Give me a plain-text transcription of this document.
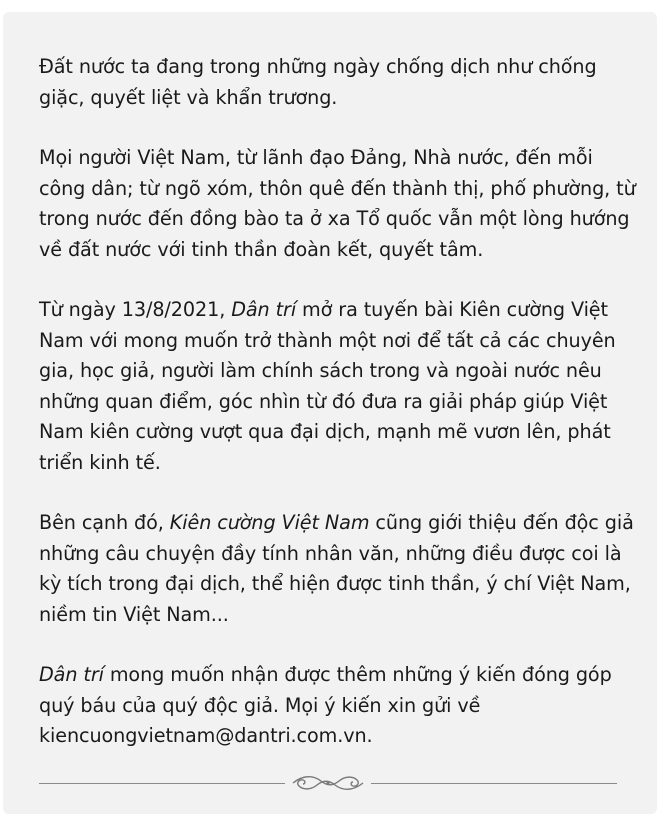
Đất nước ta đang trong những ngày chống dịch như chống giặc, quyết liệt và khẩn trương.

Mọi người Việt Nam, từ lãnh đạo Đảng, Nhà nước, đến mỗi công dân; từ ngõ xóm, thôn quê đến thành thị, phố phường, từ trong nước đến đồng bào ta ở xa Tổ quốc vẫn một lòng hướng về đất nước với tinh thần đoàn kết, quyết tâm.

Từ ngày 13/8/2021, Dân trí mở ra tuyến bài Kiên cường Việt Nam với mong muốn trở thành một nơi để tất cả các chuyên gia, học giả, người làm chính sách trong và ngoài nước nêu những quan điểm, góc nhìn từ đó đưa ra giải pháp giúp Việt Nam kiên cường vượt qua đại dịch, mạnh mẽ vươn lên, phát triển kinh tế.

Bên cạnh đó, Kiên cường Việt Nam cũng giới thiệu đến độc giả những câu chuyện đầy tính nhân văn, những điều được coi là kỳ tích trong đại dịch, thể hiện được tinh thần, ý chí Việt Nam, niềm tin Việt Nam...

Dân trí mong muốn nhận được thêm những ý kiến đóng góp quý báu của quý độc giả. Mọi ý kiến xin gửi về kiencuongvietnam@dantri.com.vn.
